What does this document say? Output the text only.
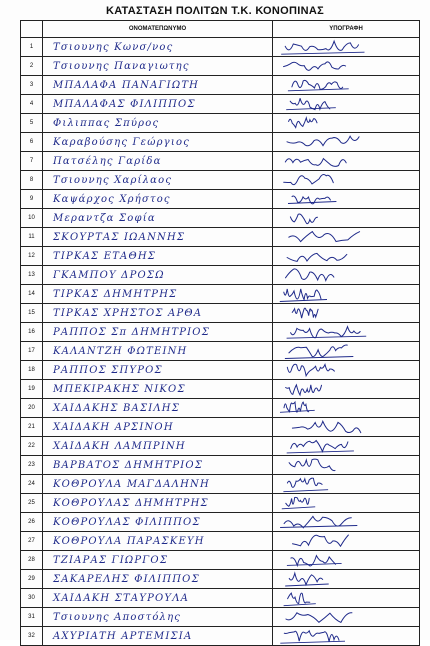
ΚΑΤΑΣΤΑΣΗ ΠΟΛΙΤΩΝ Τ.Κ. ΚΟΝΟΠΙΝΑΣ
	ΟΝΟΜΑΤΕΠΩΝΥΜΟ	ΥΠΟΓΡΑΦΗ
1	Τσιουνης Κωνσ/νος	

2	Τσιουνης Παναγιωτης	

3	ΜΠΑΛΑΦΑ ΠΑΝΑΓΙΩΤΗ	

4	ΜΠΑΛΑΦΑΣ ΦΙΛΙΠΠΟΣ	

5	Φιλιππας Σπύρος	

6	Καραβούσης Γεώργιος	

7	Πατσέλης Γαρίδα	

8	Τσιουνης Χαρίλαος	

9	Καψάρχος Χρήστος	

10	Μεραντζα Σοφία	

11	ΣΚΟΥΡΤΑΣ ΙΩΑΝΝΗΣ	

12	ΤΙΡΚΑΣ ΕΤΑΘΗΣ	

13	ΓΚΑΜΠΟΥ ΔΡΟΣΩ	

14	ΤΙΡΚΑΣ ΔΗΜΗΤΡΗΣ	

15	ΤΙΡΚΑΣ ΧΡΗΣΤΟΣ ΑΡΘΑ	

16	ΡΑΠΠΟΣ Σπ ΔΗΜΗΤΡΙΟΣ	

17	ΚΑΛΑΝΤΖΗ ΦΩΤΕΙΝΗ	

18	ΡΑΠΠΟΣ ΣΠΥΡΟΣ	

19	ΜΠΕΚΙΡΑΚΗΣ ΝΙΚΟΣ	

20	ΧΑΙΔΑΚΗΣ ΒΑΣΙΛΗΣ	

21	ΧΑΙΔΑΚΗ ΑΡΣΙΝΟΗ	

22	ΧΑΙΔΑΚΗ ΛΑΜΠΡΙΝΗ	

23	ΒΑΡΒΑΤΟΣ ΔΗΜΗΤΡΙΟΣ	

24	ΚΟΘΡΟΥΛΑ ΜΑΓΔΑΛΗΝΗ	

25	ΚΟΘΡΟΥΛΑΣ ΔΗΜΗΤΡΗΣ	

26	ΚΟΘΡΟΥΛΑΣ ΦΙΛΙΠΠΟΣ	

27	ΚΟΘΡΟΥΛΑ ΠΑΡΑΣΚΕΥΗ	

28	ΤΖΙΑΡΑΣ ΓΙΩΡΓΟΣ	

29	ΣΑΚΑΡΕΛΗΣ ΦΙΛΙΠΠΟΣ	

30	ΧΑΙΔΑΚΗ ΣΤΑΥΡΟΥΛΑ	

31	Τσιουνης Αποστόλης	

32	ΑΧΥΡΙΑΤΗ ΑΡΤΕΜΙΣΙΑ	
